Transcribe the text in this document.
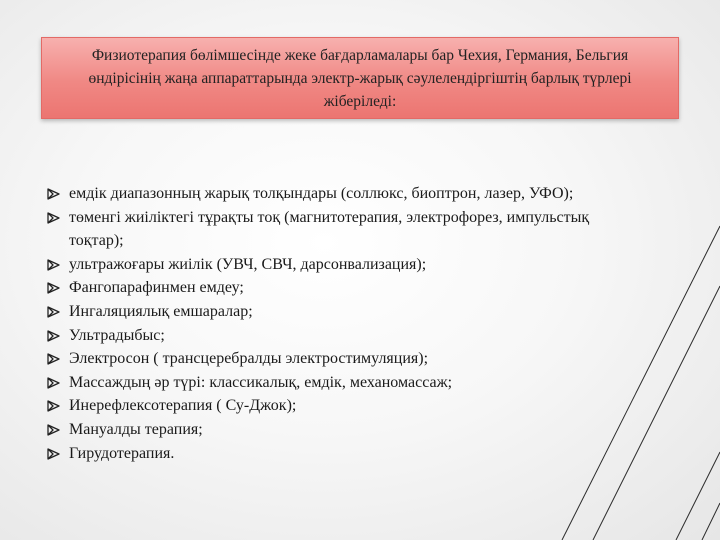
Физиотерапия бөлімшесінде жеке бағдарламалары бар Чехия, Германия, Бельгия өндірісінің жаңа аппараттарында электр-жарық сәулелендіргіштің барлық түрлері жіберіледі:
емдік диапазонның жарық толқындары (соллюкс, биоптрон, лазер, УФО);
төменгі жиіліктегі тұрақты тоқ (магнитотерапия, электрофорез, импульстық тоқтар);
ультражоғары жиілік (УВЧ, СВЧ, дарсонвализация);
Фангопарафинмен емдеу;
Ингаляциялық емшаралар;
Ультрадыбыс;
Электросон ( трансцеребралды электростимуляция);
Массаждың әр түрі: классикалық, емдік, механомассаж;
Инерефлексотерапия ( Су-Джок);
Мануалды терапия;
Гирудотерапия.
